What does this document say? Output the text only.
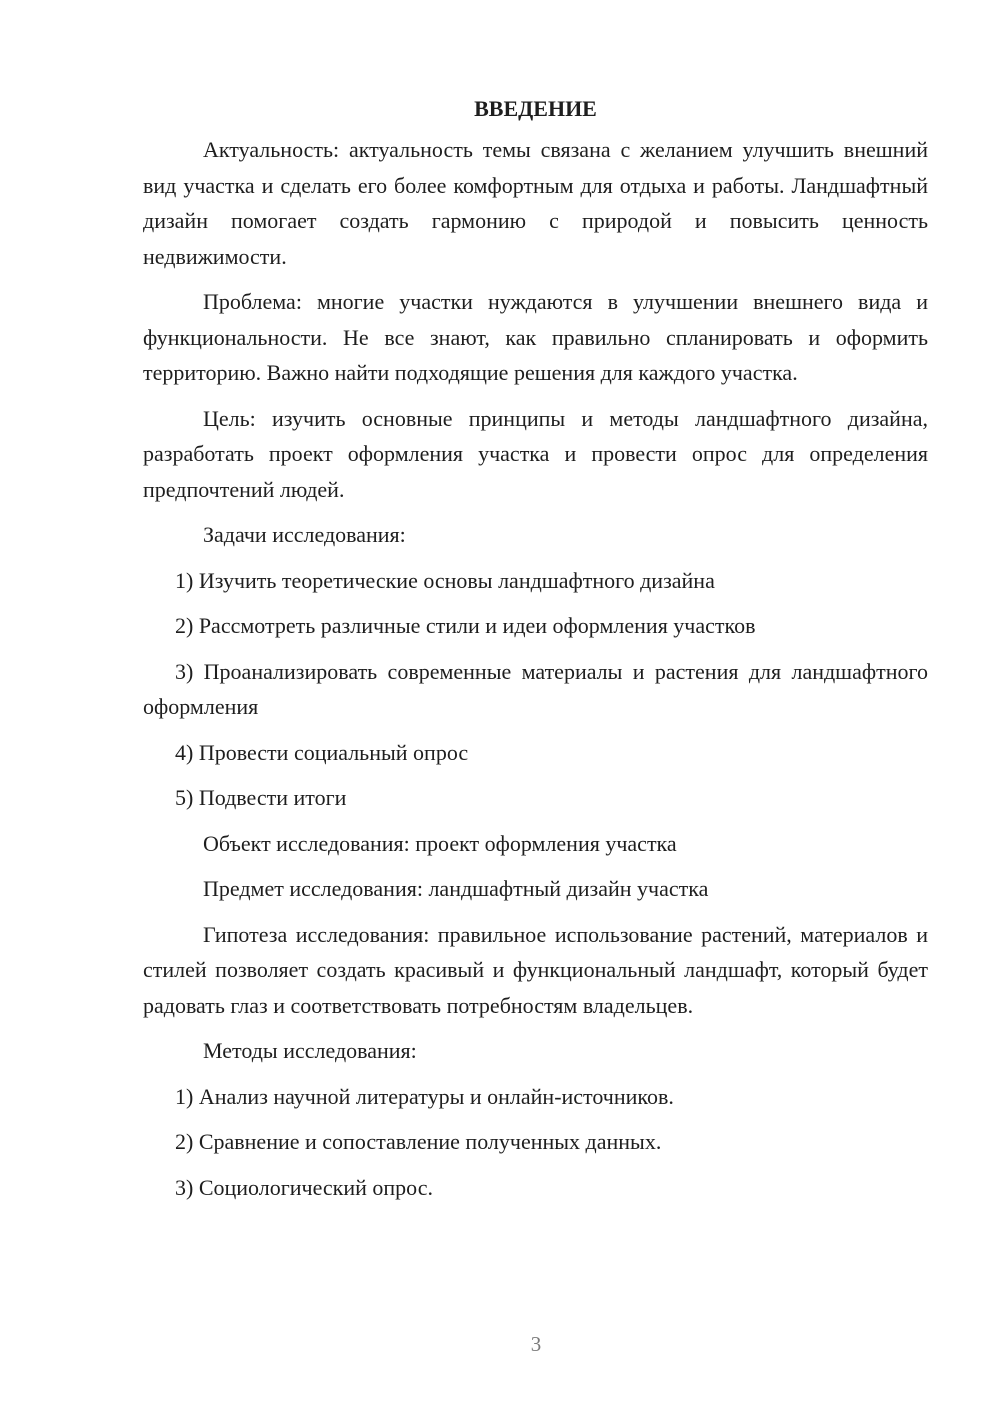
ВВЕДЕНИЕ

Актуальность: актуальность темы связана с желанием улучшить внешний вид участка и сделать его более комфортным для отдыха и работы. Ландшафтный дизайн помогает создать гармонию с природой и повысить ценность недвижимости.

Проблема: многие участки нуждаются в улучшении внешнего вида и функциональности. Не все знают, как правильно спланировать и оформить территорию. Важно найти подходящие решения для каждого участка.

Цель: изучить основные принципы и методы ландшафтного дизайна, разработать проект оформления участка и провести опрос для определения предпочтений людей.

Задачи исследования:
1) Изучить теоретические основы ландшафтного дизайна
2) Рассмотреть различные стили и идеи оформления участков

3) Проанализировать современные материалы и растения для ландшафтного оформления

4) Провести социальный опрос
5) Подвести итоги
Объект исследования: проект оформления участка
Предмет исследования: ландшафтный дизайн участка

Гипотеза исследования: правильное использование растений, материалов и стилей позволяет создать красивый и функциональный ландшафт, который будет радовать глаз и соответствовать потребностям владельцев.

Методы исследования:
1) Анализ научной литературы и онлайн-источников.
2) Сравнение и сопоставление полученных данных.
3) Социологический опрос.
3
